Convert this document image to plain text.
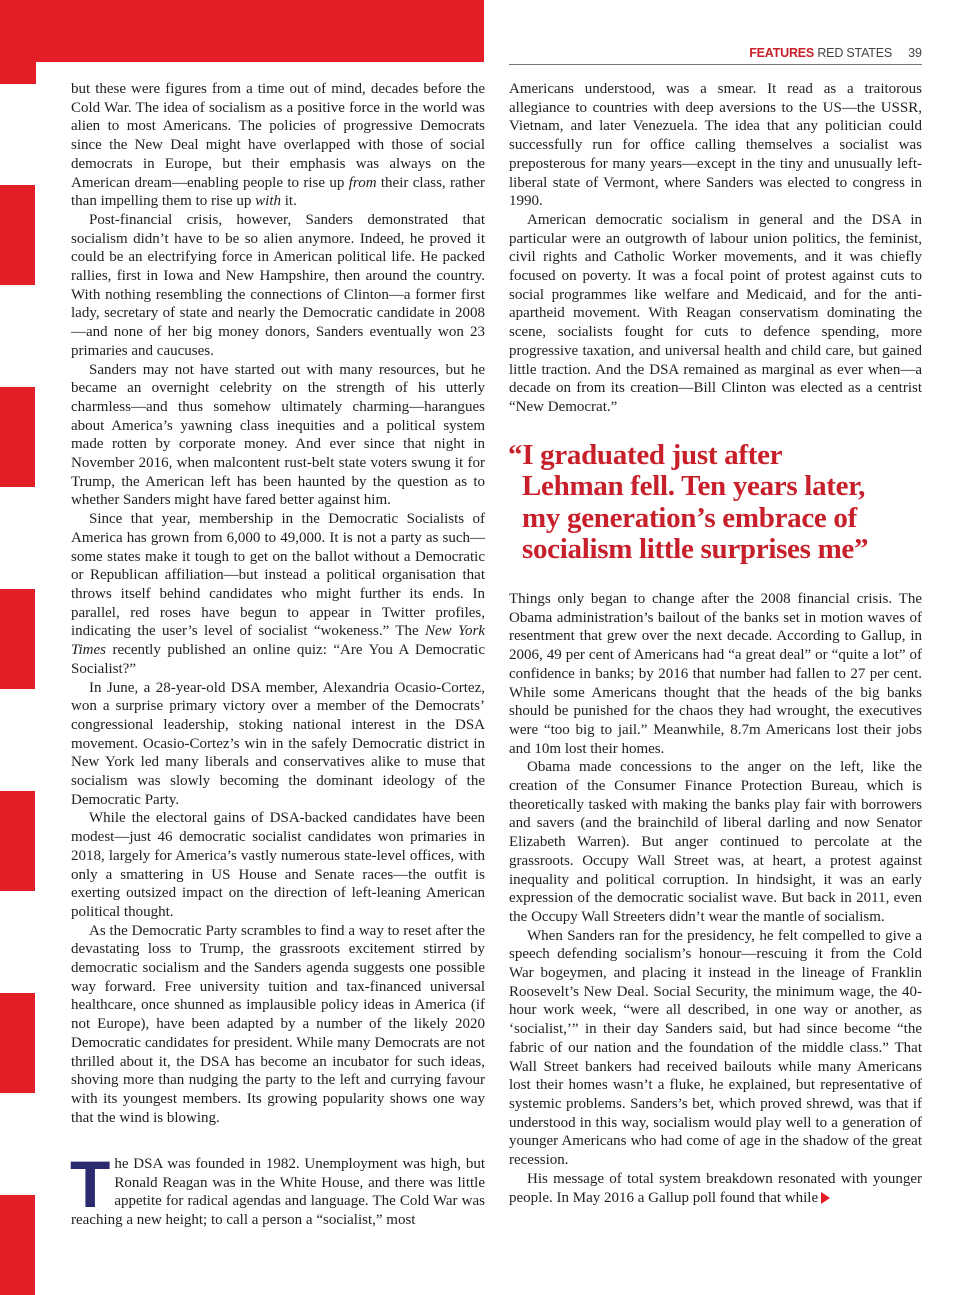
FEATURES RED STATES 39

but these were figures from a time out of mind, decades before the Cold War. The idea of socialism as a positive force in the world was alien to most Americans. The policies of progressive Democrats since the New Deal might have overlapped with those of social democrats in Europe, but their emphasis was always on the American dream—enabling people to rise up from their class, rather than impelling them to rise up with it.

Post-financial crisis, however, Sanders demonstrated that socialism didn’t have to be so alien anymore. Indeed, he proved it could be an electrifying force in American political life. He packed rallies, first in Iowa and New Hampshire, then around the country. With nothing resembling the connections of Clinton—a former first lady, secretary of state and nearly the Democratic candidate in 2008—and none of her big money donors, Sanders eventually won 23 primaries and caucuses.

Sanders may not have started out with many resources, but he became an overnight celebrity on the strength of his utterly charmless—and thus somehow ultimately charming—harangues about America’s yawning class inequities and a political system made rotten by corporate money. And ever since that night in November 2016, when malcontent rust-belt state voters swung it for Trump, the American left has been haunted by the question as to whether Sanders might have fared better against him.

Since that year, membership in the Democratic Socialists of America has grown from 6,000 to 49,000. It is not a party as such—some states make it tough to get on the ballot without a Democratic or Republican affiliation—but instead a political organisation that throws itself behind candidates who might further its ends. In parallel, red roses have begun to appear in Twitter profiles, indicating the user’s level of socialist “wokeness.” The New York Times recently published an online quiz: “Are You A Democratic Socialist?”

In June, a 28-year-old DSA member, Alexandria Ocasio-Cortez, won a surprise primary victory over a member of the Democrats’ congressional leadership, stoking national interest in the DSA movement. Ocasio-Cortez’s win in the safely Democratic district in New York led many liberals and conservatives alike to muse that socialism was slowly becoming the dominant ideology of the Democratic Party.

While the electoral gains of DSA-backed candidates have been modest—just 46 democratic socialist candidates won primaries in 2018, largely for America’s vastly numerous state-level offices, with only a smattering in US House and Senate races—the outfit is exerting outsized impact on the direction of left-leaning American political thought.

As the Democratic Party scrambles to find a way to reset after the devastating loss to Trump, the grassroots excitement stirred by democratic socialism and the Sanders agenda suggests one possible way forward. Free university tuition and tax-financed universal healthcare, once shunned as implausible policy ideas in America (if not Europe), have been adapted by a number of the likely 2020 Democratic candidates for president. While many Democrats are not thrilled about it, the DSA has become an incubator for such ideas, shoving more than nudging the party to the left and currying favour with its youngest members. Its growing popularity shows one way that the wind is blowing.

The DSA was founded in 1982. Unemployment was high, but Ronald Reagan was in the White House, and there was little appetite for radical agendas and language. The Cold War was reaching a new height; to call a person a “socialist,” most

Americans understood, was a smear. It read as a traitorous allegiance to countries with deep aversions to the US—the USSR, Vietnam, and later Venezuela. The idea that any politician could successfully run for office calling themselves a socialist was preposterous for many years—except in the tiny and unusually left-liberal state of Vermont, where Sanders was elected to congress in 1990.

American democratic socialism in general and the DSA in particular were an outgrowth of labour union politics, the feminist, civil rights and Catholic Worker movements, and it was chiefly focused on poverty. It was a focal point of protest against cuts to social programmes like welfare and Medicaid, and for the anti-apartheid movement. With Reagan conservatism dominating the scene, socialists fought for cuts to defence spending, more progressive taxation, and universal health and child care, but gained little traction. And the DSA remained as marginal as ever when—a decade on from its creation—Bill Clinton was elected as a centrist “New Democrat.”

“I graduated just after
Lehman fell. Ten years later,
my generation’s embrace of
socialism little surprises me”

Things only began to change after the 2008 financial crisis. The Obama administration’s bailout of the banks set in motion waves of resentment that grew over the next decade. According to Gallup, in 2006, 49 per cent of Americans had “a great deal” or “quite a lot” of confidence in banks; by 2016 that number had fallen to 27 per cent. While some Americans thought that the heads of the big banks should be punished for the chaos they had wrought, the executives were “too big to jail.” Meanwhile, 8.7m Americans lost their jobs and 10m lost their homes.

Obama made concessions to the anger on the left, like the creation of the Consumer Finance Protection Bureau, which is theoretically tasked with making the banks play fair with borrowers and savers (and the brainchild of liberal darling and now Senator Elizabeth Warren). But anger continued to percolate at the grassroots. Occupy Wall Street was, at heart, a protest against inequality and political corruption. In hindsight, it was an early expression of the democratic socialist wave. But back in 2011, even the Occupy Wall Streeters didn’t wear the mantle of socialism.

When Sanders ran for the presidency, he felt compelled to give a speech defending socialism’s honour—rescuing it from the Cold War bogeymen, and placing it instead in the lineage of Franklin Roosevelt’s New Deal. Social Security, the minimum wage, the 40-hour work week, “were all described, in one way or another, as ‘socialist,’” in their day Sanders said, but had since become “the fabric of our nation and the foundation of the middle class.” That Wall Street bankers had received bailouts while many Americans lost their homes wasn’t a fluke, he explained, but representative of systemic problems. Sanders’s bet, which proved shrewd, was that if understood in this way, socialism would play well to a generation of younger Americans who had come of age in the shadow of the great recession.

His message of total system breakdown resonated with younger people. In May 2016 a Gallup poll found that while
